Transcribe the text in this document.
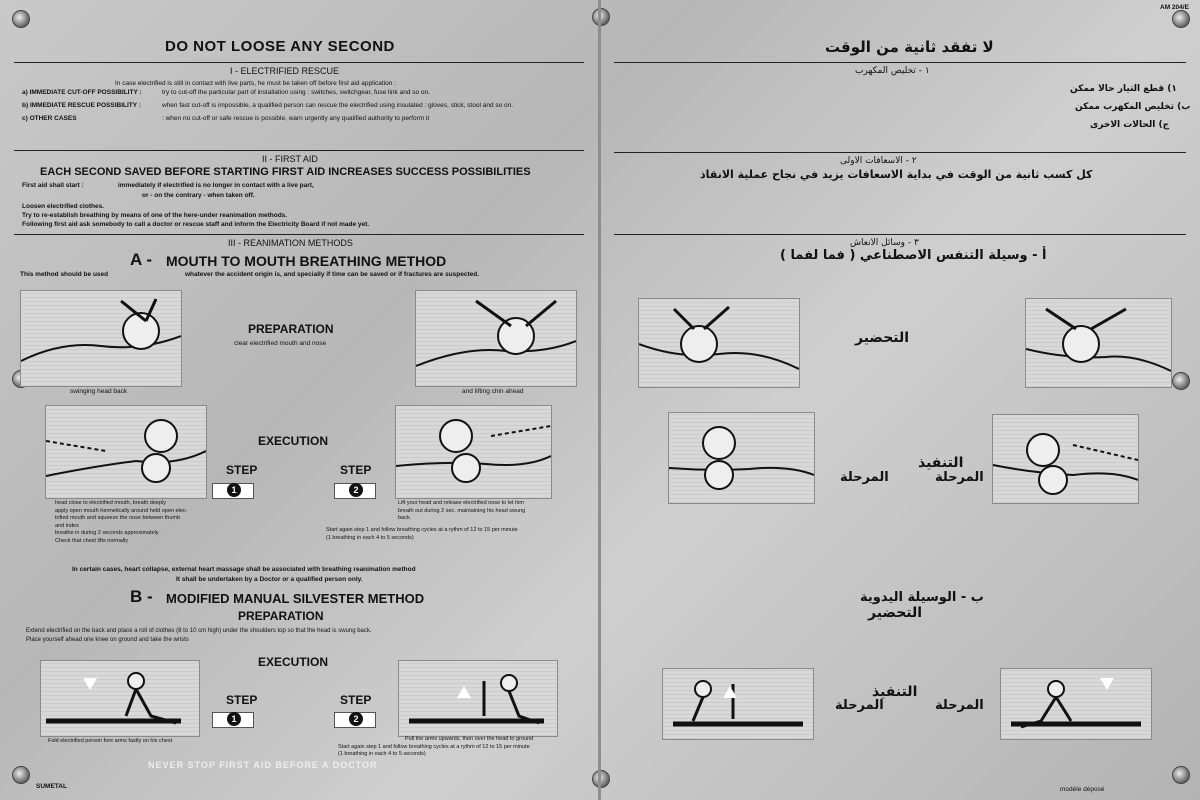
DO NOT LOOSE ANY SECOND
I - ELECTRIFIED RESCUE
In case electrified is still in contact with live parts, he must be taken off before first aid application :
a) IMMEDIATE CUT-OFF POSSIBILITY :	try to cut-off the particular part of installation using : switches, switchgear, fuse link and so on.
b) IMMEDIATE RESCUE POSSIBILITY :	when fast cut-off is impossible, a qualified person can rescue the electrified using insulated : gloves, stick, stool and so on.
c) OTHER CASES	: when no cut-off or safe rescue is possible, warn urgently any qualified authority to perform it
II - FIRST AID
EACH SECOND SAVED BEFORE STARTING FIRST AID INCREASES SUCCESS POSSIBILITIES
First aid shall start :	immediately if electrified is no longer in contact with a live part,
or - on the contrary - when taken off.
Loosen electrified clothes.
Try to re-establish breathing by means of one of the here-under reanimation methods.
Following first aid ask somebody to call a doctor or rescue staff and inform the Electricity Board if not made yet.
III - REANIMATION METHODS
A - MOUTH TO MOUTH BREATHING METHOD
This method should be used	whatever the accident origin is, and specially if time can be saved or if fractures are suspected.
swinging head back
PREPARATION
clear electrified mouth and nose
and lifting chin ahead
EXECUTION
STEP
1
STEP
2
head close to electrified mouth, breath deeply
apply open mouth hermetically around held open elec-
trified mouth and squeeze the nose between thumb
and index
breathe in during 2 seconds approximately
Check that chest lifts normally
Lift your head and release electrified nose to let him
breath out during 2 sec. maintaining his head swung
back.
Start again step 1 and follow breathing cycles at a rythm of 12 to 15 per minute
(1 breathing in each 4 to 5 seconds)
In certain cases, heart collapse, external heart massage shall be associated with breathing reanimation method
It shall be undertaken by a Doctor or a qualified person only.
B - MODIFIED MANUAL SILVESTER METHOD
PREPARATION
Extend electrified on the back and place a roll of clothes (8 to 10 cm high) under the shoulders top so that the head is swung back.
Place yourself ahead one knee on ground and take the wrists
EXECUTION
Fold electrified person fore arms fastly on his chest
STEP
1
STEP
2
Pull the arms upwards, then over the head to ground
Start again step 1 and follow breathing cycles at a rythm of 12 to 15 per minute
(1 breathing in each 4 to 5 seconds)
NEVER STOP FIRST AID BEFORE A DOCTOR
SUMETAL
AM 204/E
لا تفقد ثانية من الوقت
١ - تخليص المكهرب
١) قطع التيار حالا ممكن
ب) تخليص المكهرب ممكن
ج) الحالات الاخرى
٢ - الاسعافات الاولى
كل كسب ثانية من الوقت في بداية الاسعافات يزيد في نجاح عملية الانقاذ
٣ - وسائل الانعاش
أ - وسيلة التنفس الاصطناعي ( فما لفما )
التحضير
التنفيذ
المرحلة	المرحلة
ب - الوسيلة اليدوية
التحضير
التنفيذ
المرحلة	المرحلة
modèle déposé
